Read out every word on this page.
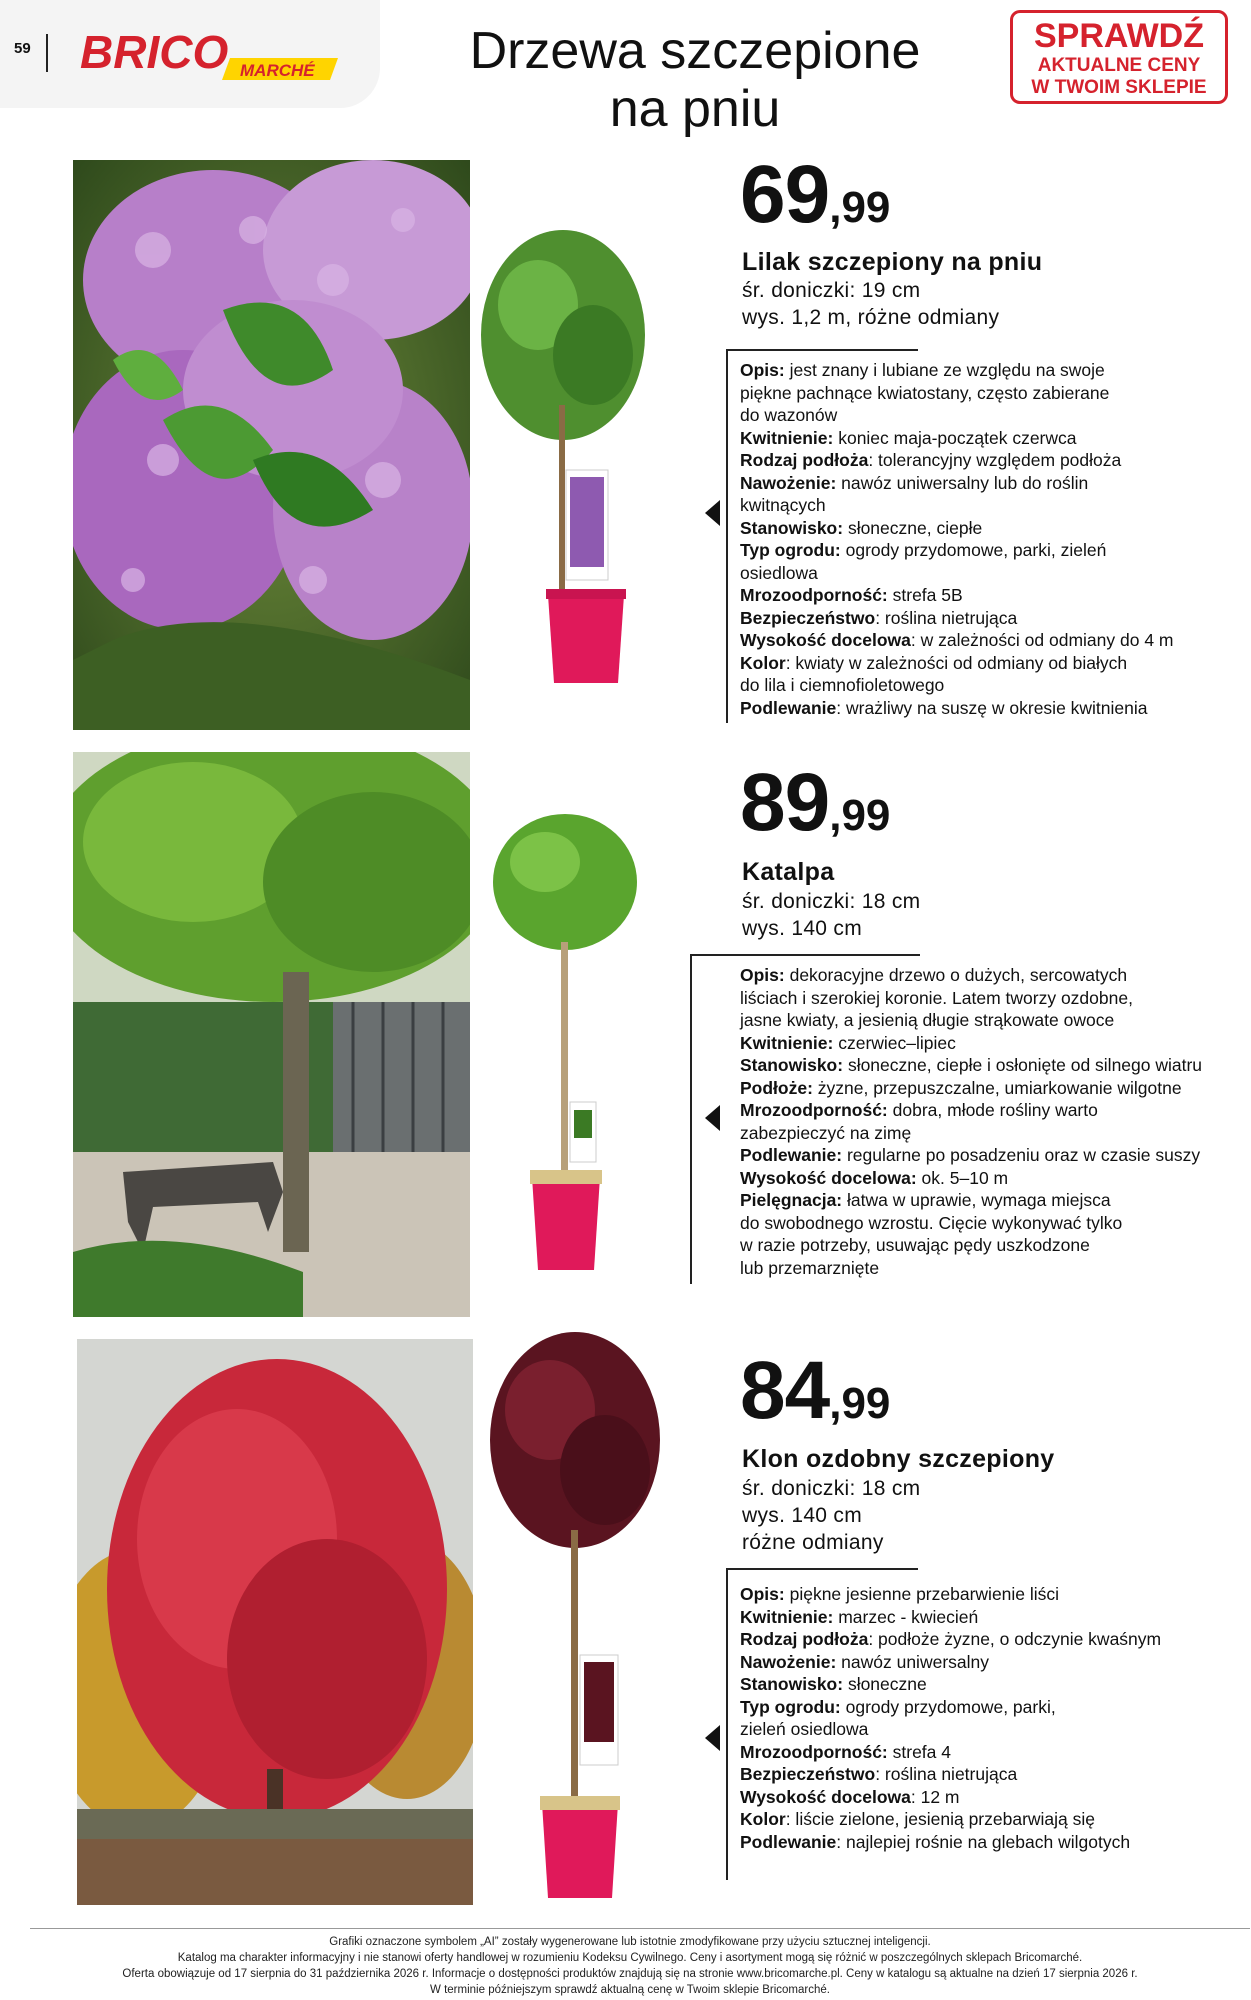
59 BRICO MARCHÉ	Drzewa szczepione
na pniu
SPRAWDŹ
AKTUALNE CENY
W TWOIM SKLEPIE
69,99
Lilak szczepiony na pniu
śr. doniczki: 19 cm
wys. 1,2 m, różne odmiany
Opis: jest znany i lubiane ze względu na swoje
piękne pachnące kwiatostany, często zabierane
do wazonów
Kwitnienie: koniec maja-początek czerwca
Rodzaj podłoża: tolerancyjny względem podłoża
Nawożenie: nawóz uniwersalny lub do roślin
kwitnących
Stanowisko: słoneczne, ciepłe
Typ ogrodu: ogrody przydomowe, parki, zieleń
osiedlowa
Mrozoodporność: strefa 5B
Bezpieczeństwo: roślina nietrująca
Wysokość docelowa: w zależności od odmiany do 4 m
Kolor: kwiaty w zależności od odmiany od białych
do lila i ciemnofioletowego
Podlewanie: wrażliwy na suszę w okresie kwitnienia
89,99
Katalpa
śr. doniczki: 18 cm
wys. 140 cm
Opis: dekoracyjne drzewo o dużych, sercowatych
liściach i szerokiej koronie. Latem tworzy ozdobne,
jasne kwiaty, a jesienią długie strąkowate owoce
Kwitnienie: czerwiec–lipiec
Stanowisko: słoneczne, ciepłe i osłonięte od silnego wiatru
Podłoże: żyzne, przepuszczalne, umiarkowanie wilgotne
Mrozoodporność: dobra, młode rośliny warto
zabezpieczyć na zimę
Podlewanie: regularne po posadzeniu oraz w czasie suszy
Wysokość docelowa: ok. 5–10 m
Pielęgnacja: łatwa w uprawie, wymaga miejsca
do swobodnego wzrostu. Cięcie wykonywać tylko
w razie potrzeby, usuwając pędy uszkodzone
lub przemarznięte
84,99
Klon ozdobny szczepiony
śr. doniczki: 18 cm
wys. 140 cm
różne odmiany
Opis: piękne jesienne przebarwienie liści
Kwitnienie: marzec - kwiecień
Rodzaj podłoża: podłoże żyzne, o odczynie kwaśnym
Nawożenie: nawóz uniwersalny
Stanowisko: słoneczne
Typ ogrodu: ogrody przydomowe, parki,
zieleń osiedlowa
Mrozoodporność: strefa 4
Bezpieczeństwo: roślina nietrująca
Wysokość docelowa: 12 m
Kolor: liście zielone, jesienią przebarwiają się
Podlewanie: najlepiej rośnie na glebach wilgotych
Grafiki oznaczone symbolem „AI” zostały wygenerowane lub istotnie zmodyfikowane przy użyciu sztucznej inteligencji.
Katalog ma charakter informacyjny i nie stanowi oferty handlowej w rozumieniu Kodeksu Cywilnego. Ceny i asortyment mogą się różnić w poszczególnych sklepach Bricomarché.
Oferta obowiązuje od 17 sierpnia do 31 października 2026 r. Informacje o dostępności produktów znajdują się na stronie www.bricomarche.pl. Ceny w katalogu są aktualne na dzień 17 sierpnia 2026 r.
W terminie późniejszym sprawdź aktualną cenę w Twoim sklepie Bricomarché.
